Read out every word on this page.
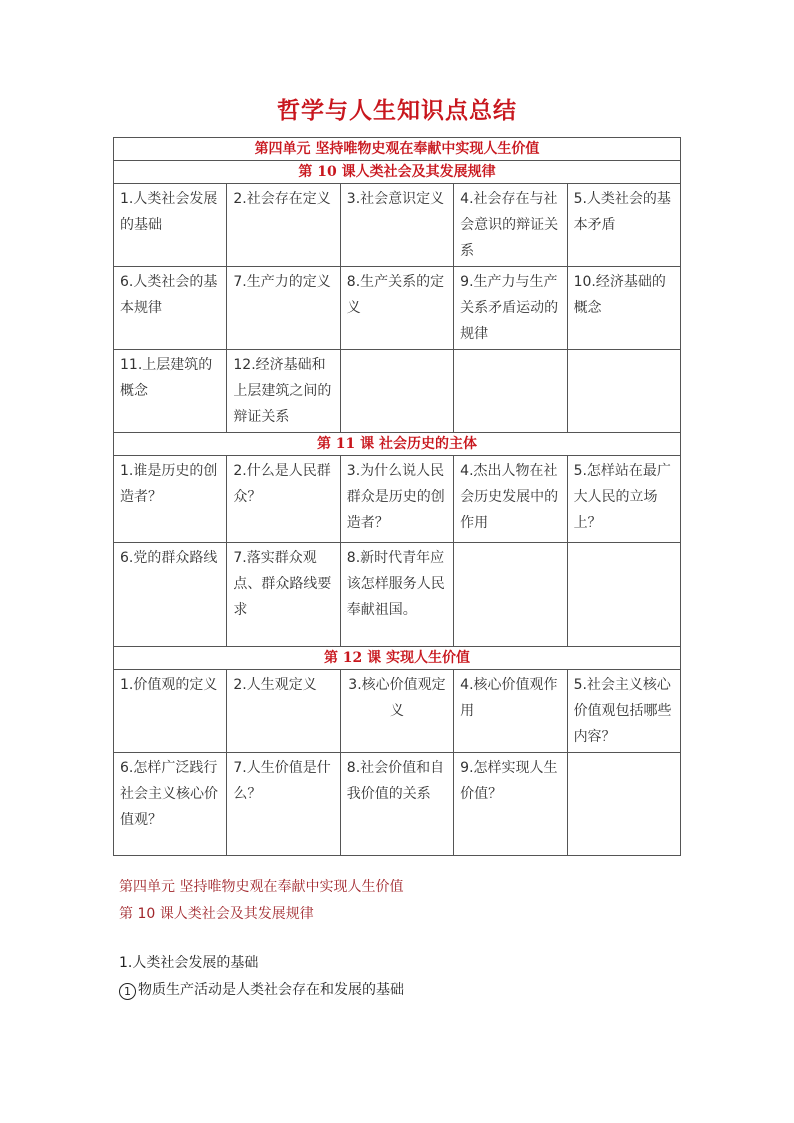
哲学与人生知识点总结
第四单元 坚持唯物史观在奉献中实现人生价值				
第 10 课人类社会及其发展规律				
1.人类社会发展的基础	2.社会存在定义	3.社会意识定义	4.社会存在与社会意识的辩证关系	5.人类社会的基本矛盾
6.人类社会的基本规律	7.生产力的定义	8.生产关系的定义	9.生产力与生产关系矛盾运动的规律	10.经济基础的概念
11.上层建筑的概念	12.经济基础和上层建筑之间的辩证关系			
第 11 课 社会历史的主体				
1.谁是历史的创造者？	2.什么是人民群众？	3.为什么说人民群众是历史的创造者？	4.杰出人物在社会历史发展中的作用	5.怎样站在最广大人民的立场上？
6.党的群众路线	7.落实群众观点、群众路线要求	8.新时代青年应该怎样服务人民奉献祖国。		
第 12 课 实现人生价值				
1.价值观的定义	2.人生观定义	3.核心价值观定义	4.核心价值观作用	5.社会主义核心价值观包括哪些内容？
6.怎样广泛践行社会主义核心价值观？	7.人生价值是什么？	8.社会价值和自我价值的关系	9.怎样实现人生价值？	
第四单元 坚持唯物史观在奉献中实现人生价值
第 10 课人类社会及其发展规律
1.人类社会发展的基础
1 物质生产活动是人类社会存在和发展的基础
